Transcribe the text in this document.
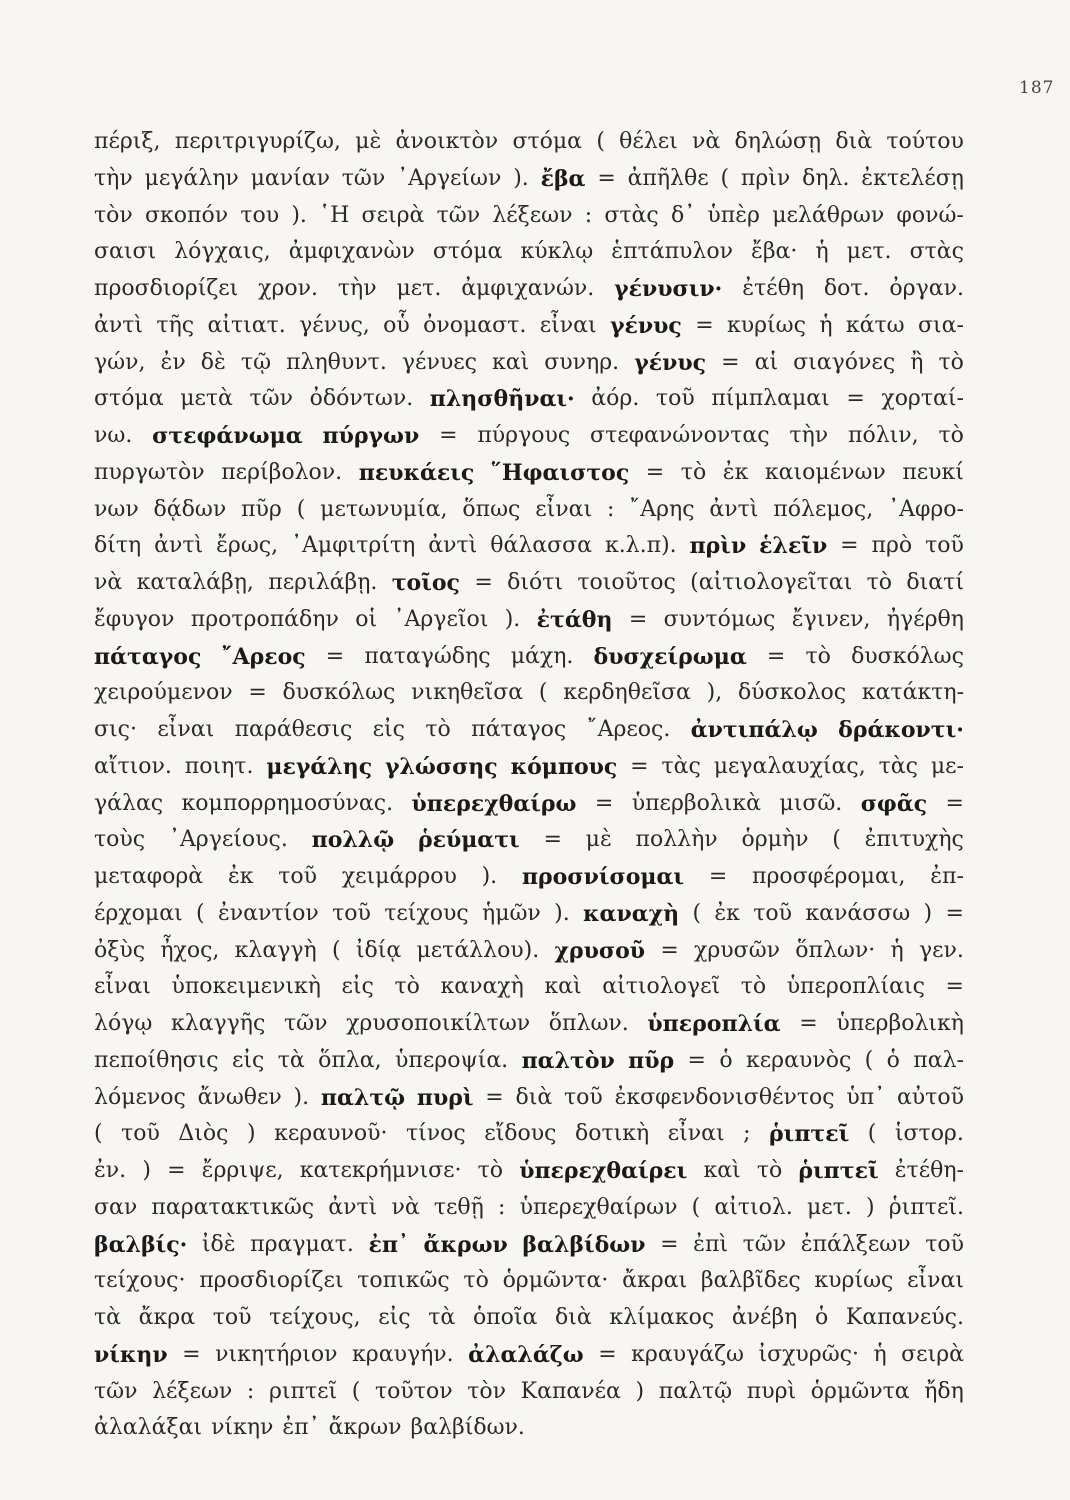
187
πέριξ, περιτριγυρίζω, μὲ ἀνοικτὸν στόμα ( θέλει νὰ δηλώσῃ διὰ τούτου
τὴν μεγάλην μανίαν τῶν ᾿Αργείων ). ἔβα = ἀπῆλθε ( πρὶν δηλ. ἐκτελέσῃ
τὸν σκοπόν του ). ῾Η σειρὰ τῶν λέξεων : στὰς δ᾿ ὑπὲρ μελάθρων φονώ-
σαισι λόγχαις, ἀμφιχανὼν στόμα κύκλῳ ἑπτάπυλον ἔβα· ἡ μετ. στὰς
προσδιορίζει χρον. τὴν μετ. ἀμφιχανών. γένυσιν· ἐτέθη δοτ. ὀργαν.
ἀντὶ τῆς αἰτιατ. γένυς, οὗ ὀνομαστ. εἶναι γένυς = κυρίως ἡ κάτω σια-
γών, ἐν δὲ τῷ πληθυντ. γένυες καὶ συνηρ. γένυς = αἱ σιαγόνες ἢ τὸ
στόμα μετὰ τῶν ὀδόντων. πλησθῆναι· ἀόρ. τοῦ πίμπλαμαι = χορταί-
νω. στεφάνωμα πύργων = πύργους στεφανώνοντας τὴν πόλιν, τὸ
πυργωτὸν περίβολον. πευκάεις ῞Ηφαιστος = τὸ ἐκ καιομένων πευκί
νων δᾴδων πῦρ ( μετωνυμία, ὅπως εἶναι : ῎Αρης ἀντὶ πόλεμος, ᾿Αφρο-
δίτη ἀντὶ ἔρως, ᾿Αμφιτρίτη ἀντὶ θάλασσα κ.λ.π). πρὶν ἑλεῖν = πρὸ τοῦ
νὰ καταλάβῃ, περιλάβῃ. τοῖος = διότι τοιοῦτος (αἰτιολογεῖται τὸ διατί
ἔφυγον προτροπάδην οἱ ᾿Αργεῖοι ). ἐτάθη = συντόμως ἔγινεν, ἠγέρθη
πάταγος ῎Αρεος = παταγώδης μάχη. δυσχείρωμα = τὸ δυσκόλως
χειρούμενον = δυσκόλως νικηθεῖσα ( κερδηθεῖσα ), δύσκολος κατάκτη-
σις· εἶναι παράθεσις εἰς τὸ πάταγος ῎Αρεος. ἀντιπάλῳ δράκοντι·
αἴτιον. ποιητ. μεγάλης γλώσσης κόμπους = τὰς μεγαλαυχίας, τὰς με-
γάλας κομπορρημοσύνας. ὑπερεχθαίρω = ὑπερβολικὰ μισῶ. σφᾶς =
τοὺς ᾿Αργείους. πολλῷ ῥεύματι = μὲ πολλὴν ὁρμὴν ( ἐπιτυχὴς
μεταφορὰ ἐκ τοῦ χειμάρρου ). προσνίσομαι = προσφέρομαι, ἐπ-
έρχομαι ( ἐναντίον τοῦ τείχους ἡμῶν ). καναχὴ ( ἐκ τοῦ κανάσσω ) =
ὀξὺς ἦχος, κλαγγὴ ( ἰδίᾳ μετάλλου). χρυσοῦ = χρυσῶν ὅπλων· ἡ γεν.
εἶναι ὑποκειμενικὴ εἰς τὸ καναχὴ καὶ αἰτιολογεῖ τὸ ὑπεροπλίαις =
λόγῳ κλαγγῆς τῶν χρυσοποικίλτων ὅπλων. ὑπεροπλία = ὑπερβολικὴ
πεποίθησις εἰς τὰ ὅπλα, ὑπεροψία. παλτὸν πῦρ = ὁ κεραυνὸς ( ὁ παλ-
λόμενος ἄνωθεν ). παλτῷ πυρὶ = διὰ τοῦ ἐκσφενδονισθέντος ὑπ᾿ αὐτοῦ
( τοῦ Διὸς ) κεραυνοῦ· τίνος εἴδους δοτικὴ εἶναι ; ῥιπτεῖ ( ἱστορ.
ἐν. ) = ἔρριψε, κατεκρήμνισε· τὸ ὑπερεχθαίρει καὶ τὸ ῥιπτεῖ ἐτέθη-
σαν παρατακτικῶς ἀντὶ νὰ τεθῇ : ὑπερεχθαίρων ( αἰτιολ. μετ. ) ῥιπτεῖ.
βαλβίς· ἰδὲ πραγματ. ἐπ᾿ ἄκρων βαλβίδων = ἐπὶ τῶν ἐπάλξεων τοῦ
τείχους· προσδιορίζει τοπικῶς τὸ ὁρμῶντα· ἄκραι βαλβῖδες κυρίως εἶναι
τὰ ἄκρα τοῦ τείχους, εἰς τὰ ὁποῖα διὰ κλίμακος ἀνέβη ὁ Καπανεύς.
νίκην = νικητήριον κραυγήν. ἀλαλάζω = κραυγάζω ἰσχυρῶς· ἡ σειρὰ
τῶν λέξεων : ριπτεῖ ( τοῦτον τὸν Καπανέα ) παλτῷ πυρὶ ὁρμῶντα ἤδη
ἀλαλάξαι νίκην ἐπ᾿ ἄκρων βαλβίδων.
